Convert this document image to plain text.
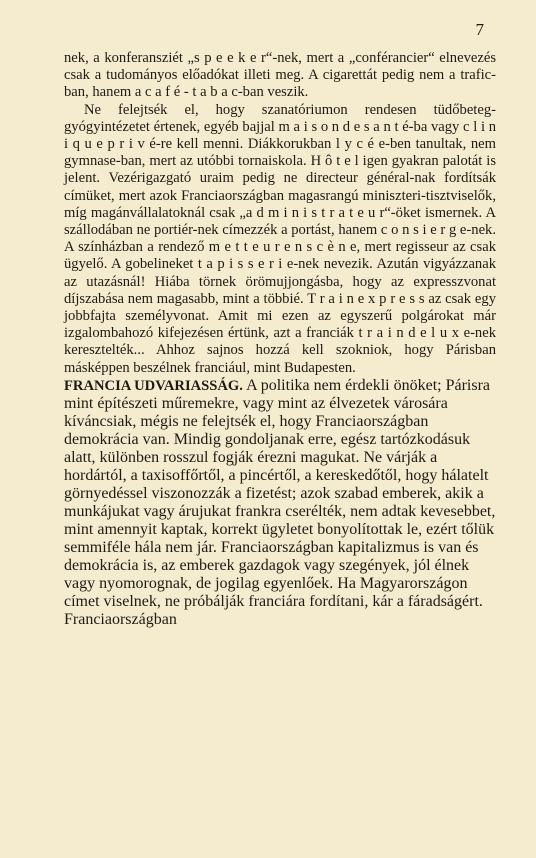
7

nek, a konferansziét „s p e e k e r“-nek, mert a „conférancier“ elnevezés csak a tudományos előadókat illeti meg. A cigarettát pedig nem a trafic-ban, hanem a c a f é - t a b a c-ban veszik.

Ne felejtsék el, hogy szanatóriumon rendesen tüdőbeteg-gyógyintézetet értenek, egyéb bajjal m a i s o n d e s a n t é-ba vagy c l i n i q u e p r i v é-re kell menni. Diákkorukban l y c é e-ben tanultak, nem gymnase-ban, mert az utóbbi tornaiskola. H ô t e l igen gyakran palotát is jelent. Vezérigazgató uraim pedig ne directeur général-nak fordítsák címüket, mert azok Franciaországban magasrangú miniszteri-tisztviselők, míg magánvállalatoknál csak „a d m i n i s t r a t e u r“-öket ismernek. A szállodában ne portiér-nek címezzék a portást, hanem c o n s i e r g e-nek. A színházban a rendező m e t t e u r e n s c è n e, mert regisseur az csak ügyelő. A gobelineket t a p i s s e r i e-nek nevezik. Azután vigyázzanak az utazásnál! Hiába törnek örömujjongásba, hogy az expresszvonat díjszabása nem magasabb, mint a többié. T r a i n e x p r e s s az csak egy jobbfajta személyvonat. Amit mi ezen az egyszerű polgárokat már izgalombahozó kifejezésen értünk, azt a franciák t r a i n d e l u x e-nek keresztelték... Ahhoz sajnos hozzá kell szokniok, hogy Párisban másképpen beszélnek franciául, mint Budapesten.

FRANCIA UDVARIASSÁG. A politika nem érdekli önöket; Párisra mint építészeti műremekre, vagy mint az élvezetek városára kíváncsiak, mégis ne felejtsék el, hogy Franciaországban demokrácia van. Mindig gondoljanak erre, egész tartózkodásuk alatt, különben rosszul fogják érezni magukat. Ne várják a hordártól, a taxisoffőrtől, a pincértől, a kereskedőtől, hogy hálatelt görnyedéssel viszonozzák a fizetést; azok szabad emberek, akik a munkájukat vagy árujukat frankra cserélték, nem adtak kevesebbet, mint amennyit kaptak, korrekt ügyletet bonyolítottak le, ezért tőlük semmiféle hála nem jár. Franciaországban kapitalizmus is van és demokrácia is, az emberek gazdagok vagy szegények, jól élnek vagy nyomorognak, de jogilag egyenlőek. Ha Magyarországon címet viselnek, ne próbálják franciára fordítani, kár a fáradságért. Franciaországban
